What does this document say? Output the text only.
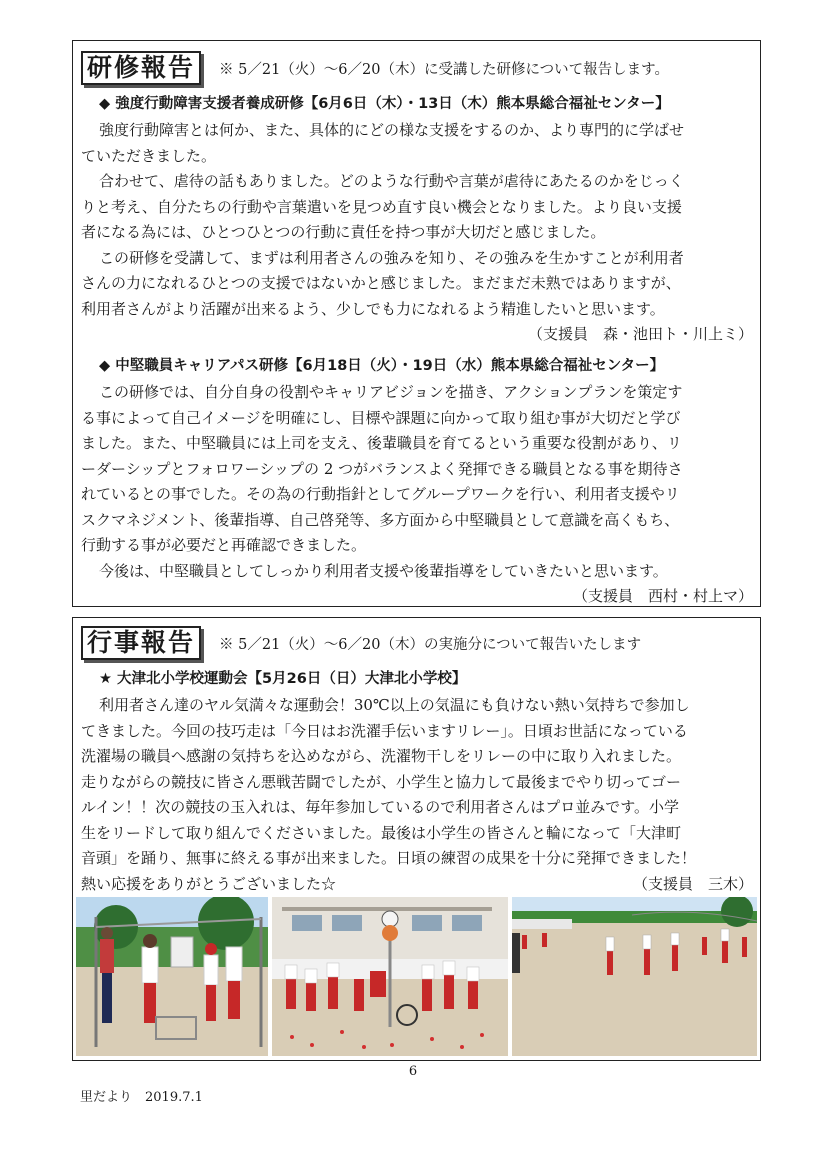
研修報告	※ 5／21（火）～6／20（木）に受講した研修について報告します。
◆ 強度行動障害支援者養成研修【6月6日（木）・13日（木）熊本県総合福祉センター】
強度行動障害とは何か、また、具体的にどの様な支援をするのか、より専門的に学ばせ
ていただきました。
合わせて、虐待の話もありました。どのような行動や言葉が虐待にあたるのかをじっく
りと考え、自分たちの行動や言葉遣いを見つめ直す良い機会となりました。より良い支援
者になる為には、ひとつひとつの行動に責任を持つ事が大切だと感じました。
この研修を受講して、まずは利用者さんの強みを知り、その強みを生かすことが利用者
さんの力になれるひとつの支援ではないかと感じました。まだまだ未熟ではありますが、
利用者さんがより活躍が出来るよう、少しでも力になれるよう精進したいと思います。
（支援員　森・池田ト・川上ミ）
◆ 中堅職員キャリアパス研修【6月18日（火）・19日（水）熊本県総合福祉センター】
この研修では、自分自身の役割やキャリアビジョンを描き、アクションプランを策定す
る事によって自己イメージを明確にし、目標や課題に向かって取り組む事が大切だと学び
ました。また、中堅職員には上司を支え、後輩職員を育てるという重要な役割があり、リ
ーダーシップとフォロワーシップの 2 つがバランスよく発揮できる職員となる事を期待さ
れているとの事でした。その為の行動指針としてグループワークを行い、利用者支援やリ
スクマネジメント、後輩指導、自己啓発等、多方面から中堅職員として意識を高くもち、
行動する事が必要だと再確認できました。
今後は、中堅職員としてしっかり利用者支援や後輩指導をしていきたいと思います。
（支援員　西村・村上マ）
行事報告	※ 5／21（火）～6／20（木）の実施分について報告いたします
★ 大津北小学校運動会【5月26日（日）大津北小学校】
利用者さん達のヤル気満々な運動会！30℃以上の気温にも負けない熱い気持ちで参加し
てきました。今回の技巧走は「今日はお洗濯手伝いますリレー」。日頃お世話になっている
洗濯場の職員へ感謝の気持ちを込めながら、洗濯物干しをリレーの中に取り入れました。
走りながらの競技に皆さん悪戦苦闘でしたが、小学生と協力して最後までやり切ってゴー
ルイン！！次の競技の玉入れは、毎年参加しているので利用者さんはプロ並みです。小学
生をリードして取り組んでくださいました。最後は小学生の皆さんと輪になって「大津町
音頭」を踊り、無事に終える事が出来ました。日頃の練習の成果を十分に発揮できました！
熱い応援をありがとうございました☆	（支援員　三木）
6
里だより　2019.7.1
